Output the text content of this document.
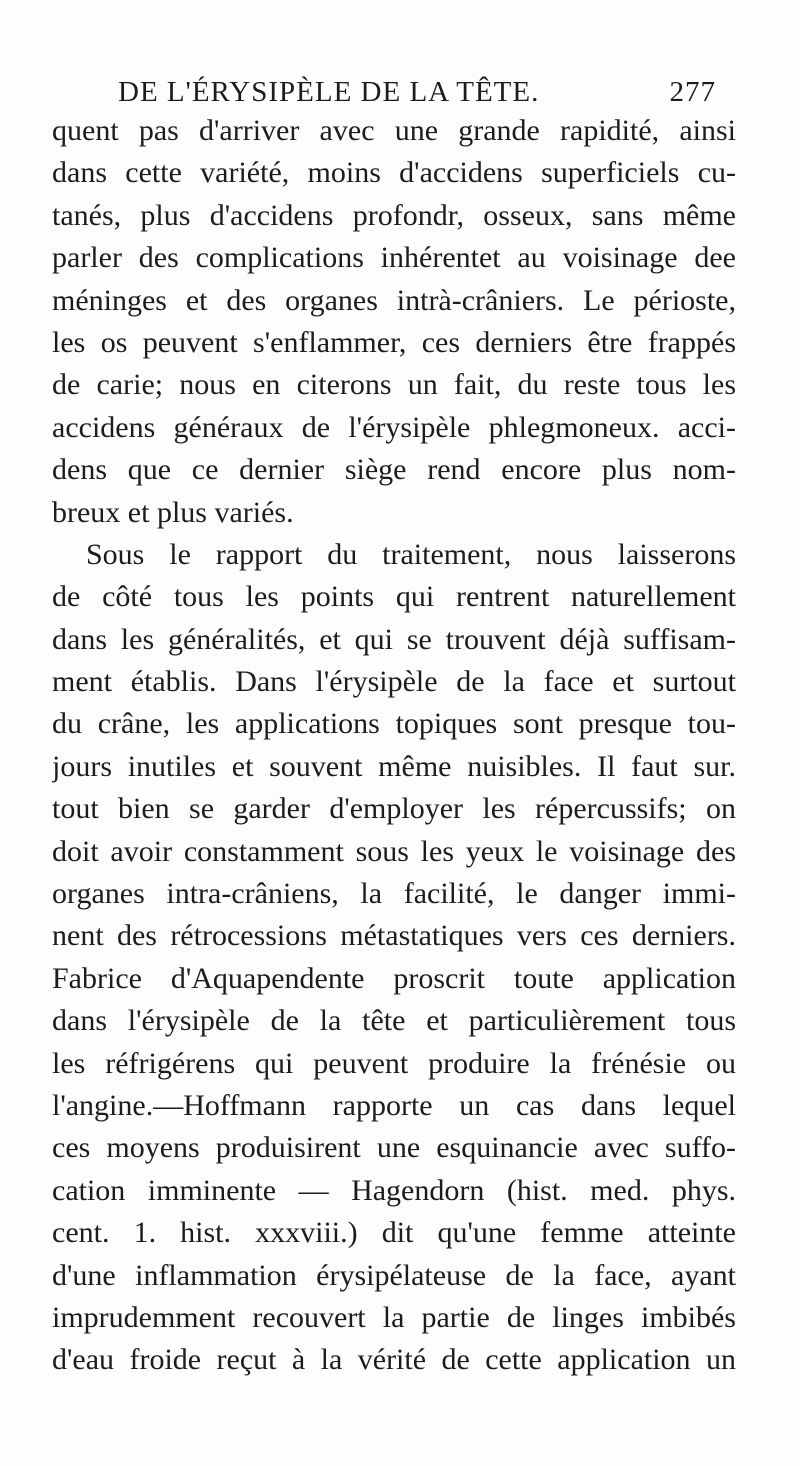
DE L'ÉRYSIPÈLE DE LA TÊTE.	277
quent pas d'arriver avec une grande rapidité, ainsi
dans cette variété, moins d'accidens superficiels cu-
tanés, plus d'accidens profondr, osseux, sans même
parler des complications inhérentet au voisinage dee
méninges et des organes intrà-crâniers. Le périoste,
les os peuvent s'enflammer, ces derniers être frappés
de carie; nous en citerons un fait, du reste tous les
accidens généraux de l'érysipèle phlegmoneux. acci-
dens que ce dernier siège rend encore plus nom-
breux et plus variés.
Sous le rapport du traitement, nous laisserons
de côté tous les points qui rentrent naturellement
dans les généralités, et qui se trouvent déjà suffisam-
ment établis. Dans l'érysipèle de la face et surtout
du crâne, les applications topiques sont presque tou-
jours inutiles et souvent même nuisibles. Il faut sur.
tout bien se garder d'employer les répercussifs; on
doit avoir constamment sous les yeux le voisinage des
organes intra-crâniens, la facilité, le danger immi-
nent des rétrocessions métastatiques vers ces derniers.
Fabrice d'Aquapendente proscrit toute application
dans l'érysipèle de la tête et particulièrement tous
les réfrigérens qui peuvent produire la frénésie ou
l'angine.—Hoffmann rapporte un cas dans lequel
ces moyens produisirent une esquinancie avec suffo-
cation imminente — Hagendorn (hist. med. phys.
cent. 1. hist. xxxviii.) dit qu'une femme atteinte
d'une inflammation érysipélateuse de la face, ayant
imprudemment recouvert la partie de linges imbibés
d'eau froide reçut à la vérité de cette application un
